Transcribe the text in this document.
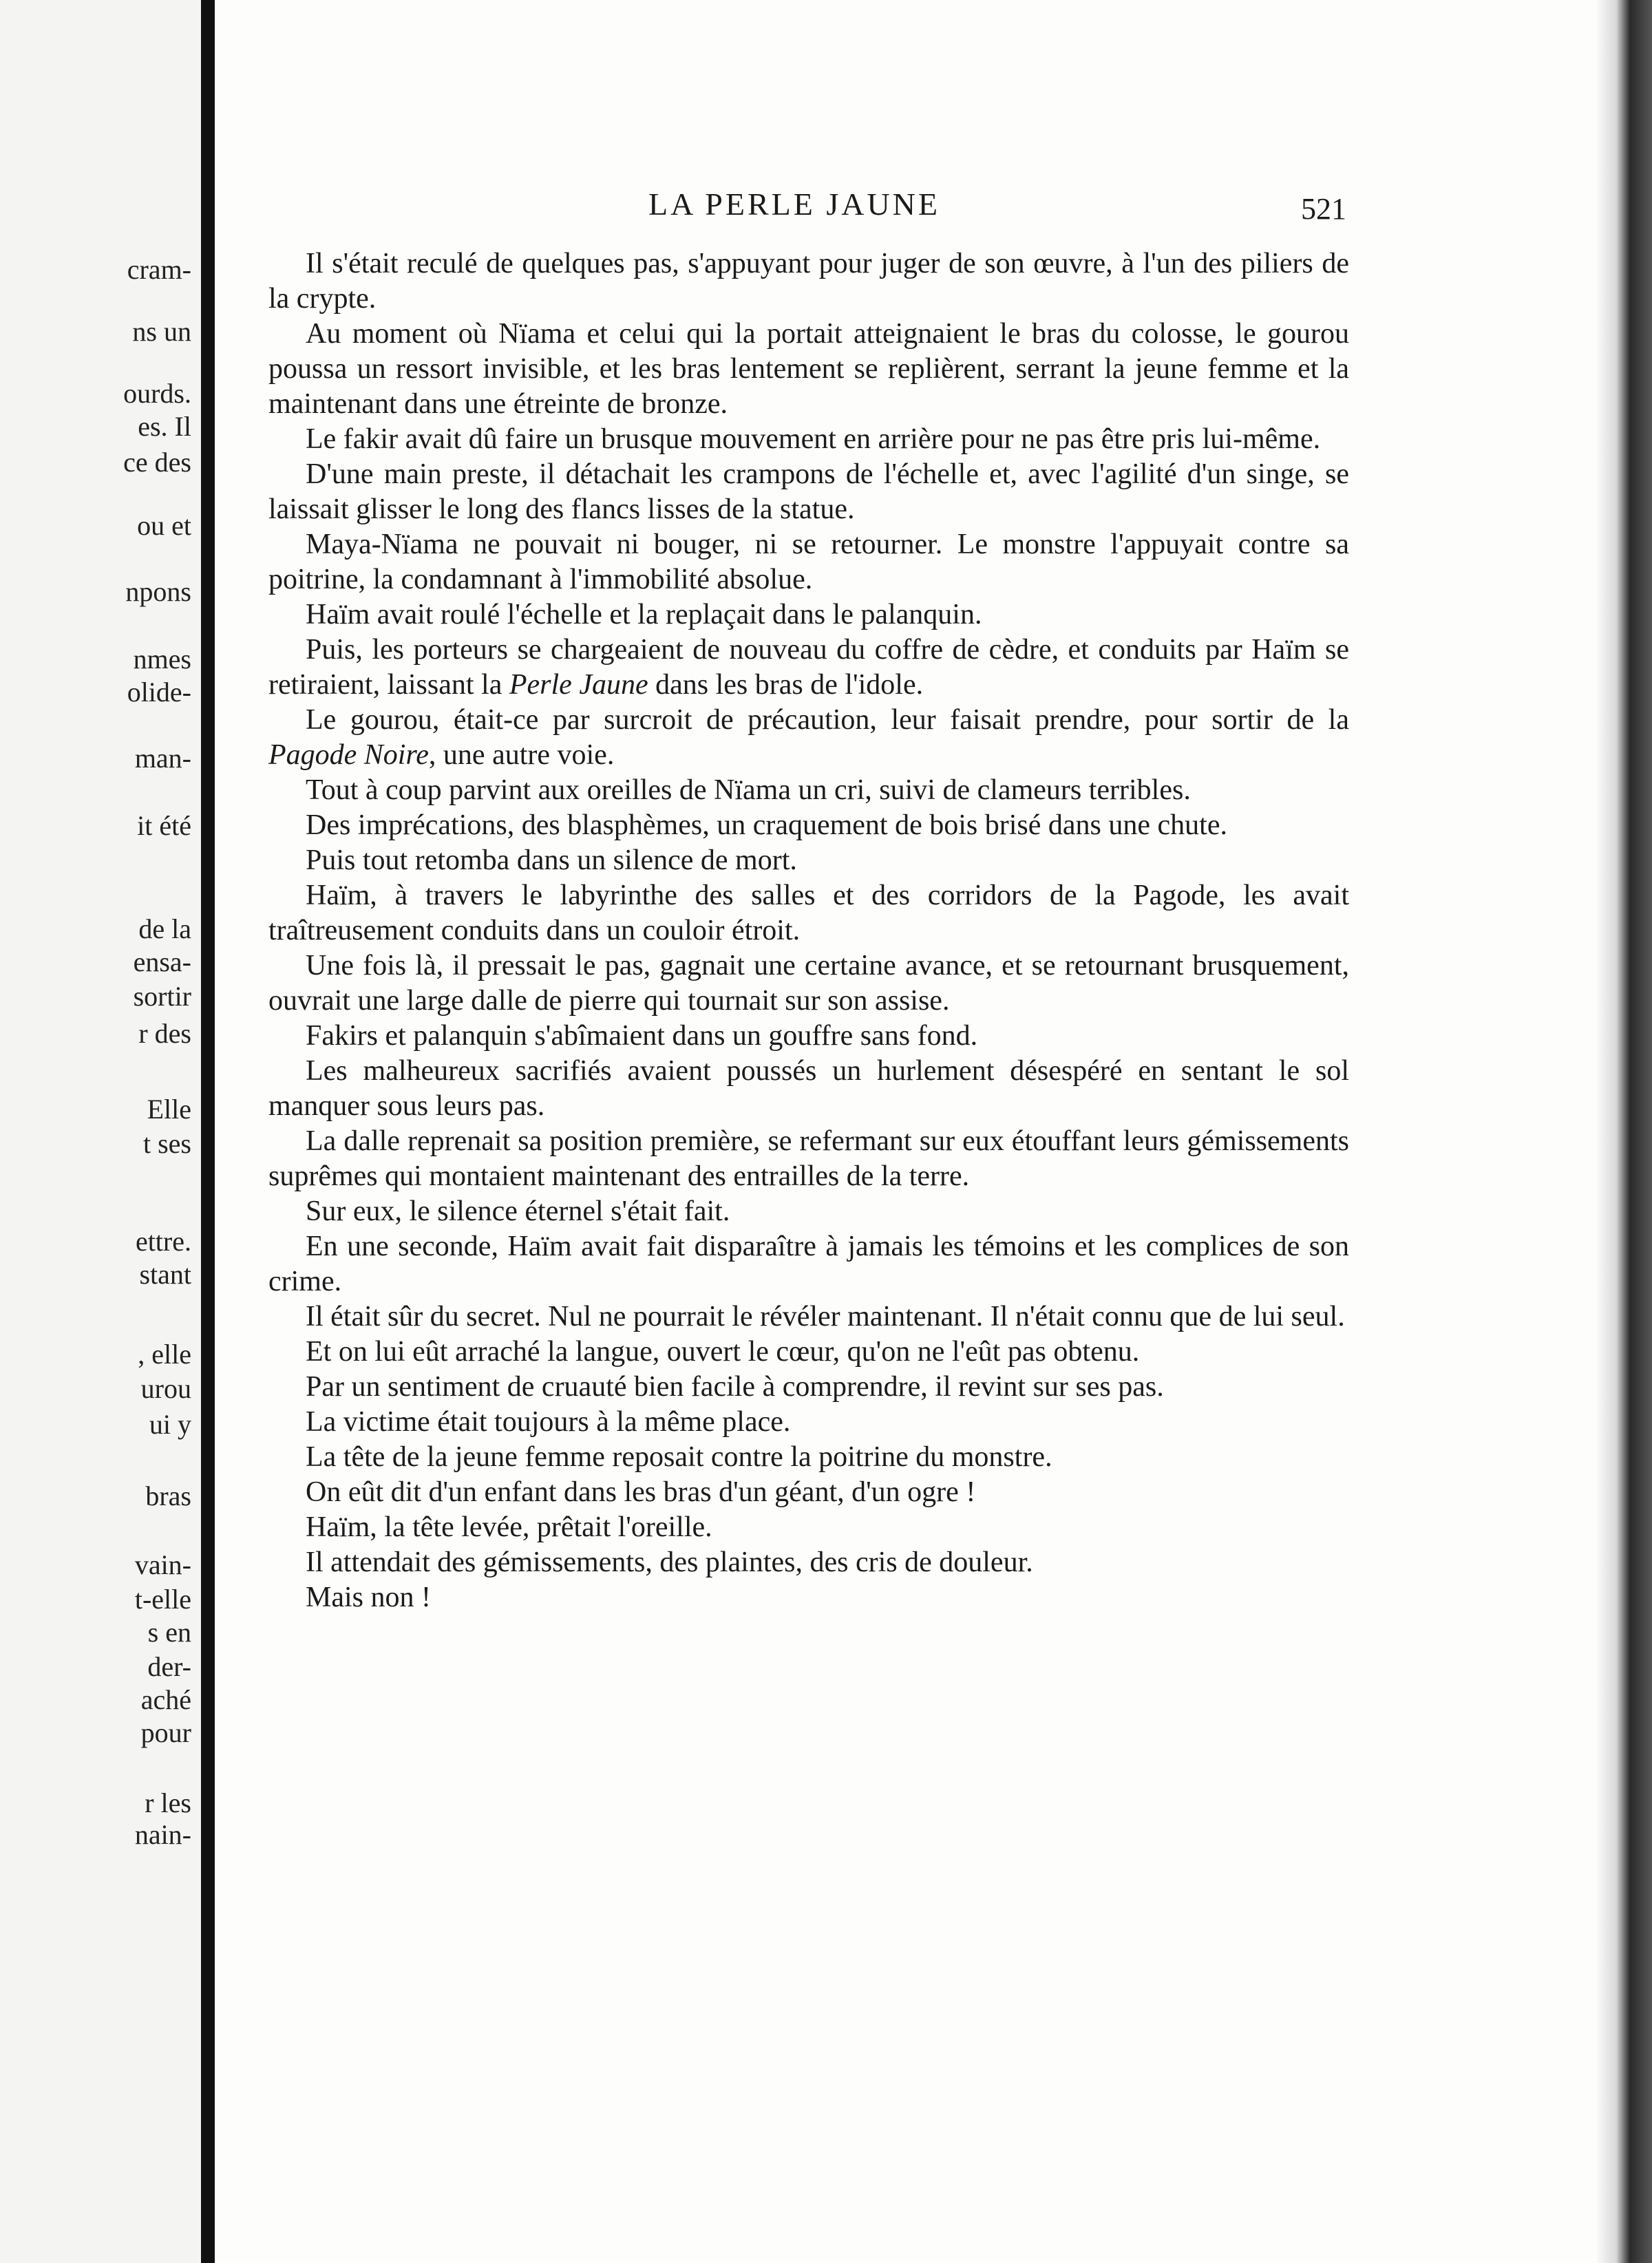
cram-
ns un
ourds.
es. Il
ce des
ou et
npons
nmes
olide-
man-
it été
de la
ensa-
sortir
r des
Elle
t ses
ettre.
stant
, elle
urou
ui y
bras
vain-
t-elle
s en
der-
aché
pour
r les
nain-
LA PERLE JAUNE	521

Il s'était reculé de quelques pas, s'appuyant pour juger de son œuvre, à l'un des piliers de la crypte.

Au moment où Nïama et celui qui la portait atteignaient le bras du colosse, le gourou poussa un ressort invisible, et les bras lentement se replièrent, serrant la jeune femme et la maintenant dans une étreinte de bronze.

Le fakir avait dû faire un brusque mouvement en arrière pour ne pas être pris lui-même.

D'une main preste, il détachait les crampons de l'échelle et, avec l'agilité d'un singe, se laissait glisser le long des flancs lisses de la statue.

Maya-Nïama ne pouvait ni bouger, ni se retourner. Le monstre l'appuyait contre sa poitrine, la condamnant à l'immobilité absolue.

Haïm avait roulé l'échelle et la replaçait dans le palanquin.

Puis, les porteurs se chargeaient de nouveau du coffre de cèdre, et conduits par Haïm se retiraient, laissant la Perle Jaune dans les bras de l'idole.

Le gourou, était-ce par surcroit de précaution, leur faisait prendre, pour sortir de la Pagode Noire, une autre voie.

Tout à coup parvint aux oreilles de Nïama un cri, suivi de clameurs terribles.

Des imprécations, des blasphèmes, un craquement de bois brisé dans une chute.

Puis tout retomba dans un silence de mort.

Haïm, à travers le labyrinthe des salles et des corridors de la Pagode, les avait traîtreusement conduits dans un couloir étroit.

Une fois là, il pressait le pas, gagnait une certaine avance, et se retournant brusquement, ouvrait une large dalle de pierre qui tournait sur son assise.

Fakirs et palanquin s'abîmaient dans un gouffre sans fond.

Les malheureux sacrifiés avaient poussés un hurlement désespéré en sentant le sol manquer sous leurs pas.

La dalle reprenait sa position première, se refermant sur eux étouffant leurs gémissements suprêmes qui montaient maintenant des entrailles de la terre.

Sur eux, le silence éternel s'était fait.

En une seconde, Haïm avait fait disparaître à jamais les témoins et les complices de son crime.

Il était sûr du secret. Nul ne pourrait le révéler maintenant. Il n'était connu que de lui seul.

Et on lui eût arraché la langue, ouvert le cœur, qu'on ne l'eût pas obtenu.

Par un sentiment de cruauté bien facile à comprendre, il revint sur ses pas.

La victime était toujours à la même place.

La tête de la jeune femme reposait contre la poitrine du monstre.

On eût dit d'un enfant dans les bras d'un géant, d'un ogre !

Haïm, la tête levée, prêtait l'oreille.

Il attendait des gémissements, des plaintes, des cris de douleur.

Mais non !
